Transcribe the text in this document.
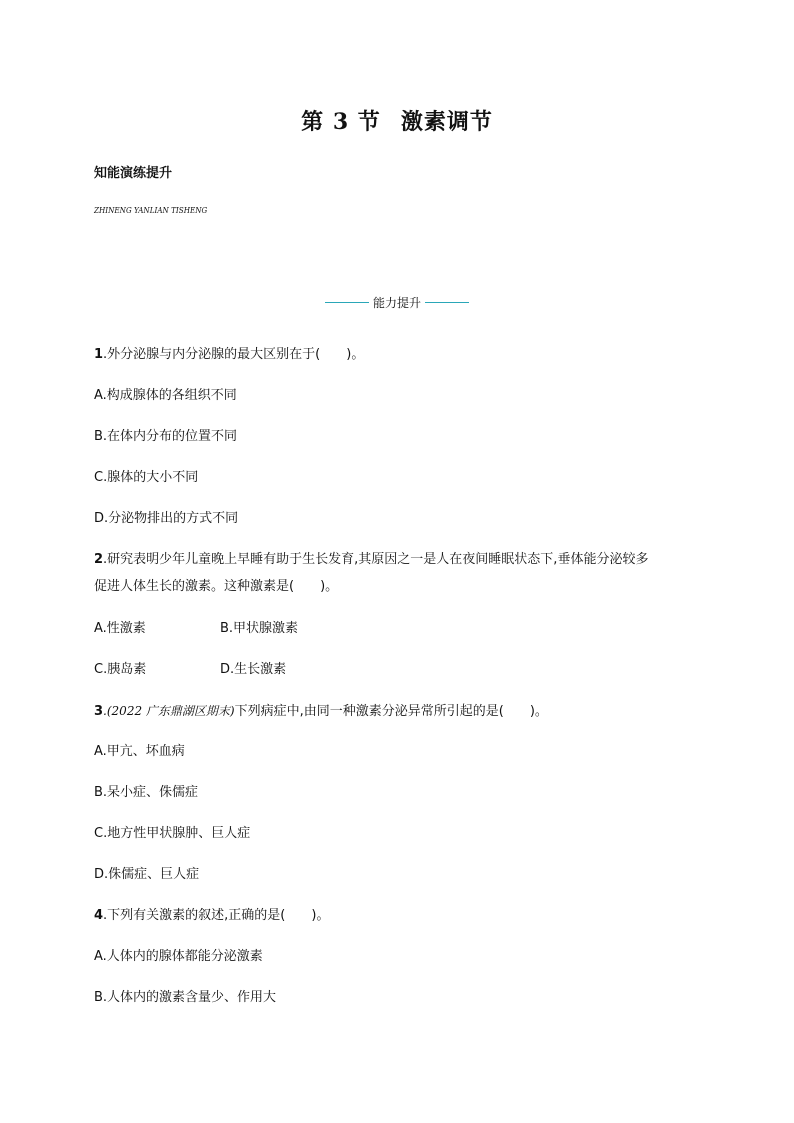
第 3 节 激素调节
知能演练提升
ZHINENG YANLIAN TISHENG
能力提升
1.外分泌腺与内分泌腺的最大区别在于( )。
A.构成腺体的各组织不同
B.在体内分布的位置不同
C.腺体的大小不同
D.分泌物排出的方式不同
2.研究表明少年儿童晚上早睡有助于生长发育,其原因之一是人在夜间睡眠状态下,垂体能分泌较多
促进人体生长的激素。这种激素是( )。
A.性激素	B.甲状腺激素
C.胰岛素	D.生长激素
3.(2022 广东鼎湖区期末)下列病症中,由同一种激素分泌异常所引起的是( )。
A.甲亢、坏血病
B.呆小症、侏儒症
C.地方性甲状腺肿、巨人症
D.侏儒症、巨人症
4.下列有关激素的叙述,正确的是( )。
A.人体内的腺体都能分泌激素
B.人体内的激素含量少、作用大
